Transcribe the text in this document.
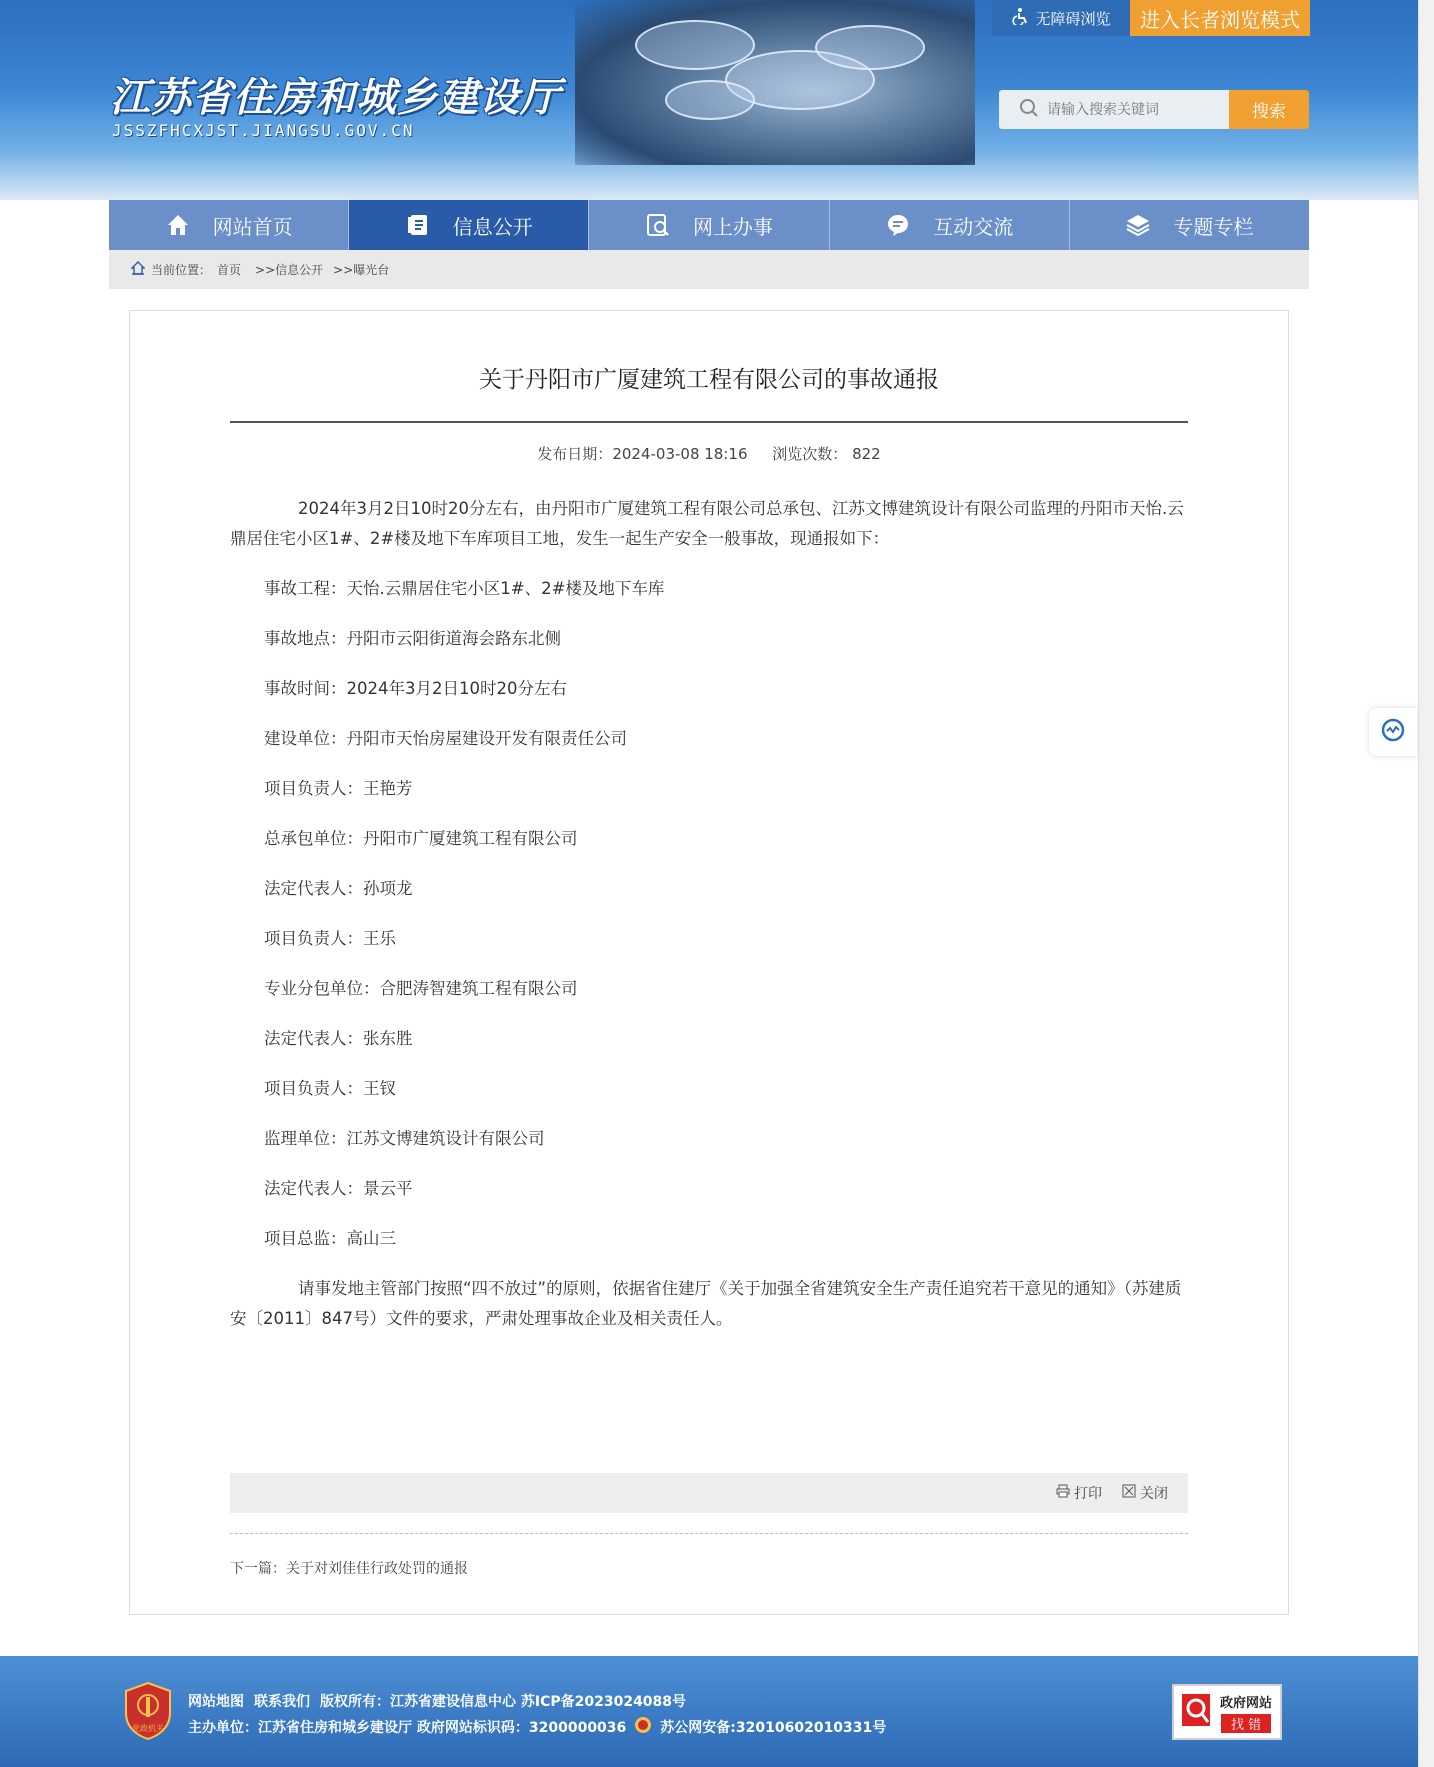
江苏省住房和城乡建设厅
JSSZFHCXJST.JIANGSU.GOV.CN
无障碍浏览	进入长者浏览模式
请输入搜索关键词
搜索
网站首页	信息公开	网上办事	互动交流	专题专栏
当前位置： 首页 >>信息公开 >>曝光台
关于丹阳市广厦建筑工程有限公司的事故通报
发布日期：2024-03-08 18:16 浏览次数： 822

2024年3月2日10时20分左右，由丹阳市广厦建筑工程有限公司总承包、江苏文博建筑设计有限公司监理的丹阳市天怡.云鼎居住宅小区1#、2#楼及地下车库项目工地，发生一起生产安全一般事故，现通报如下：

事故工程：天怡.云鼎居住宅小区1#、2#楼及地下车库

事故地点：丹阳市云阳街道海会路东北侧

事故时间：2024年3月2日10时20分左右

建设单位：丹阳市天怡房屋建设开发有限责任公司

项目负责人：王艳芳

总承包单位：丹阳市广厦建筑工程有限公司

法定代表人：孙项龙

项目负责人：王乐

专业分包单位：合肥涛智建筑工程有限公司

法定代表人：张东胜

项目负责人：王钗

监理单位：江苏文博建筑设计有限公司

法定代表人：景云平

项目总监：高山三

请事发地主管部门按照“四不放过”的原则，依据省住建厅《关于加强全省建筑安全生产责任追究若干意见的通知》（苏建质安〔2011〕847号）文件的要求，严肃处理事故企业及相关责任人。

打印	关闭
下一篇：关于对刘佳佳行政处罚的通报
党政机关
网站地图 联系我们 版权所有：江苏省建设信息中心 苏ICP备2023024088号
主办单位：江苏省住房和城乡建设厅 政府网站标识码：3200000036 苏公网安备:32010602010331号
政府网站
找 错
